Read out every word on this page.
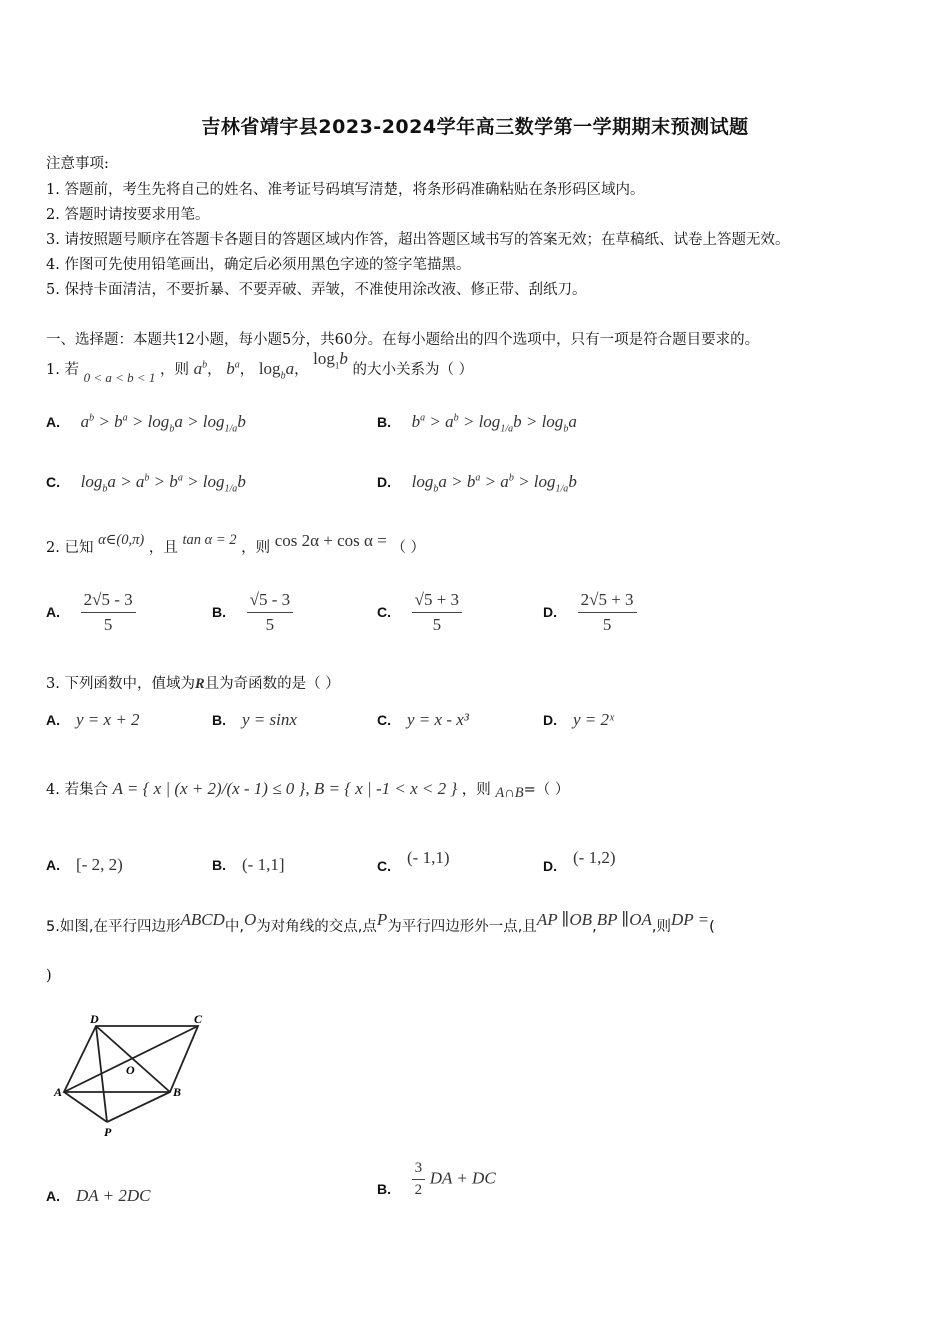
吉林省靖宇县2023-2024学年高三数学第一学期期末预测试题
注意事项:
1. 答题前，考生先将自己的姓名、准考证号码填写清楚，将条形码准确粘贴在条形码区域内。
2. 答题时请按要求用笔。
3. 请按照题号顺序在答题卡各题目的答题区域内作答，超出答题区域书写的答案无效；在草稿纸、试卷上答题无效。
4. 作图可先使用铅笔画出，确定后必须用黑色字迹的签字笔描黑。
5. 保持卡面清洁，不要折暴、不要弄破、弄皱，不准使用涂改液、修正带、刮纸刀。
一、选择题：本题共12小题，每小题5分，共60分。在每小题给出的四个选项中，只有一项是符合题目要求的。
1. 若 0 < a < b < 1 ，则 $a^b$， $b^a$， $\log_ba$， $\log_1b$ 的大小关系为（ ）
A. $a^b > b^a > \log_ba > \log_{1/a}b$	B. $b^a > a^b > \log_{1/a}b > \log_ba$
C. $\log_ba > a^b > b^a > \log_{1/a}b$	D. $\log_ba > b^a > a^b > \log_{1/a}b$
2. 已知 α∈(0,π) ，且 tan α = 2 ，则 cos 2α + cos α = （ ）
A. $\frac{2√5 - 3}{5}$	B. $\frac{√5 - 3}{5}$	C. $\frac{√5 + 3}{5}$	D. $\frac{2√5 + 3}{5}$
3. 下列函数中，值域为R且为奇函数的是（ ）
A. y = x + 2	B. y = sinx	C. y = x - x³	D. y = 2ˣ
4. 若集合 A = { x | (x + 2)/(x - 1) ≤ 0 }, B = { x | -1 < x < 2 } ，则 A∩B=（ ）
A. [- 2, 2)	B. (- 1,1]	C. (- 1,1)	D. (- 1,2)
5.如图,在平行四边形ABCD中,O为对角线的交点,点P为平行四边形外一点,且AP ∥OB,BP ∥OA,则DP =(
)
D	C
A	B
O
P
A. DA + 2DC	B. $\frac{3}{2}$ DA + DC
